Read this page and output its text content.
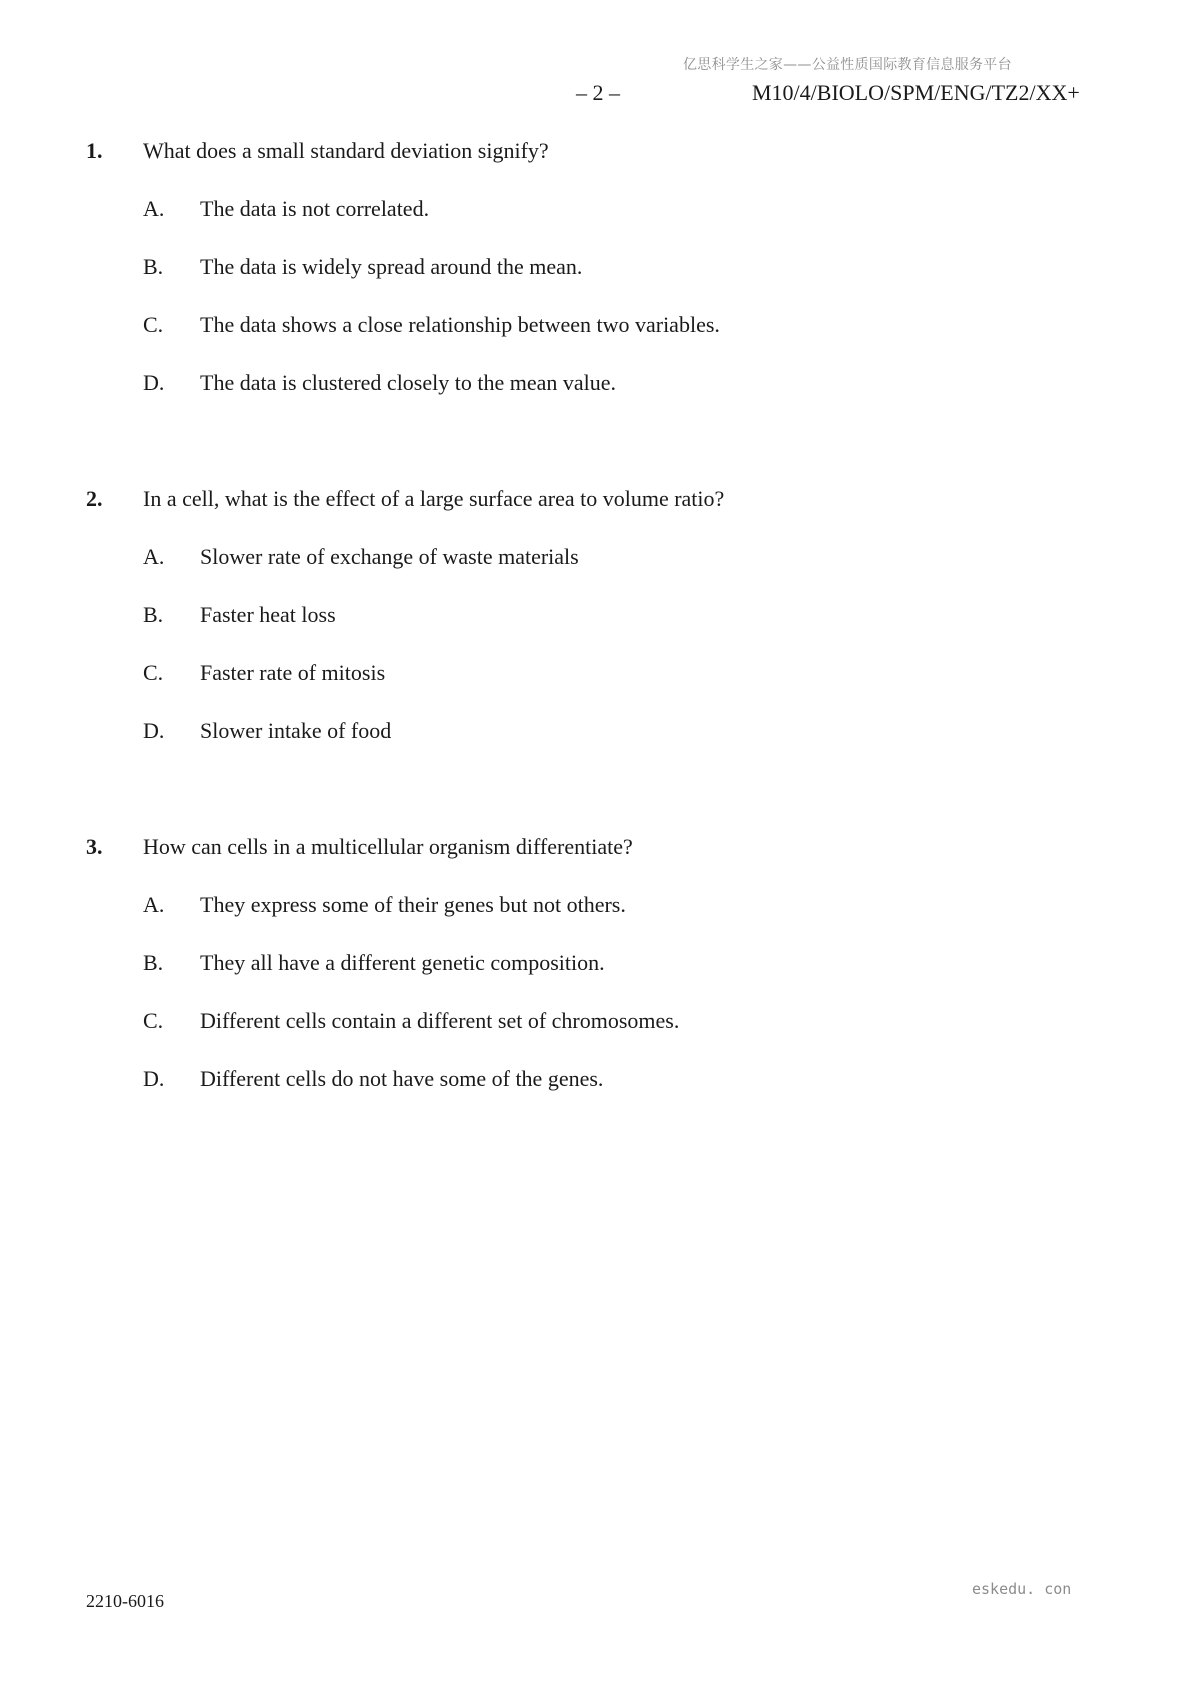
亿思科学生之家——公益性质国际教育信息服务平台
– 2 –	M10/4/BIOLO/SPM/ENG/TZ2/XX+
1. What does a small standard deviation signify?
A. The data is not correlated.
B. The data is widely spread around the mean.
C. The data shows a close relationship between two variables.
D. The data is clustered closely to the mean value.
2. In a cell, what is the effect of a large surface area to volume ratio?
A. Slower rate of exchange of waste materials
B. Faster heat loss
C. Faster rate of mitosis
D. Slower intake of food
3. How can cells in a multicellular organism differentiate?
A. They express some of their genes but not others.
B. They all have a different genetic composition.
C. Different cells contain a different set of chromosomes.
D. Different cells do not have some of the genes.
2210-6016
eskedu. con
